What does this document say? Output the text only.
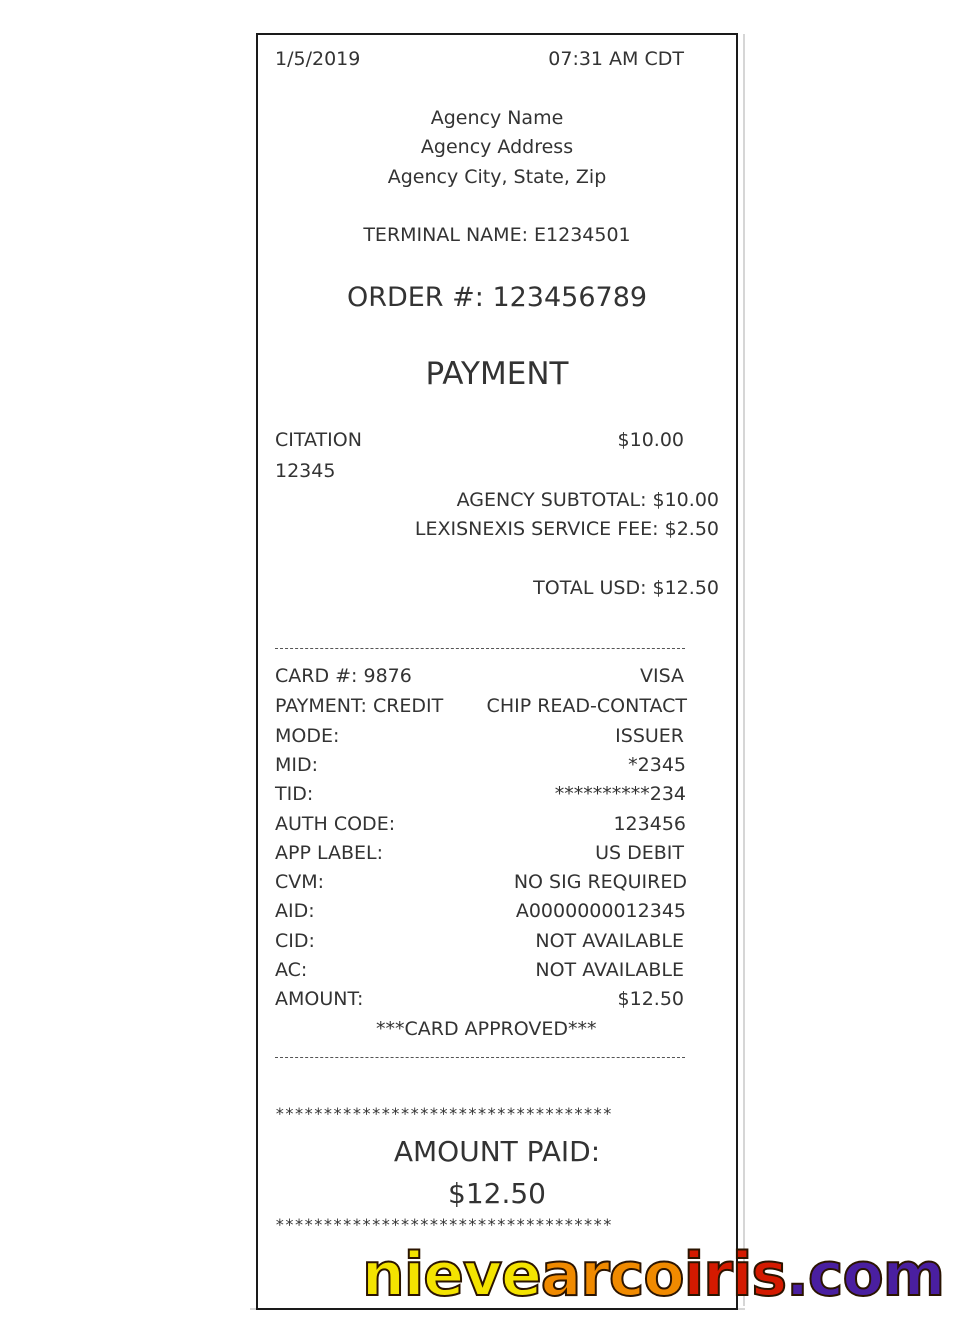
1/5/2019	07:31 AM CDT
Agency Name
Agency Address
Agency City, State, Zip
TERMINAL NAME: E1234501
ORDER #: 123456789
PAYMENT
CITATION	$10.00
12345
AGENCY SUBTOTAL: $10.00
LEXISNEXIS SERVICE FEE: $2.50
TOTAL USD: $12.50
CARD #: 9876	VISA
PAYMENT: CREDIT CHIP READ-CONTACT
MODE:	ISSUER
MID:	*2345
TID:	**********234
AUTH CODE:	123456
APP LABEL:	US DEBIT
CVM:	NO SIG REQUIRED
AID:	A0000000012345
CID:	NOT AVAILABLE
AC:	NOT AVAILABLE
AMOUNT:	$12.50
***CARD APPROVED***
***********************************
AMOUNT PAID:
$12.50
***********************************
nievearcoiris.com
